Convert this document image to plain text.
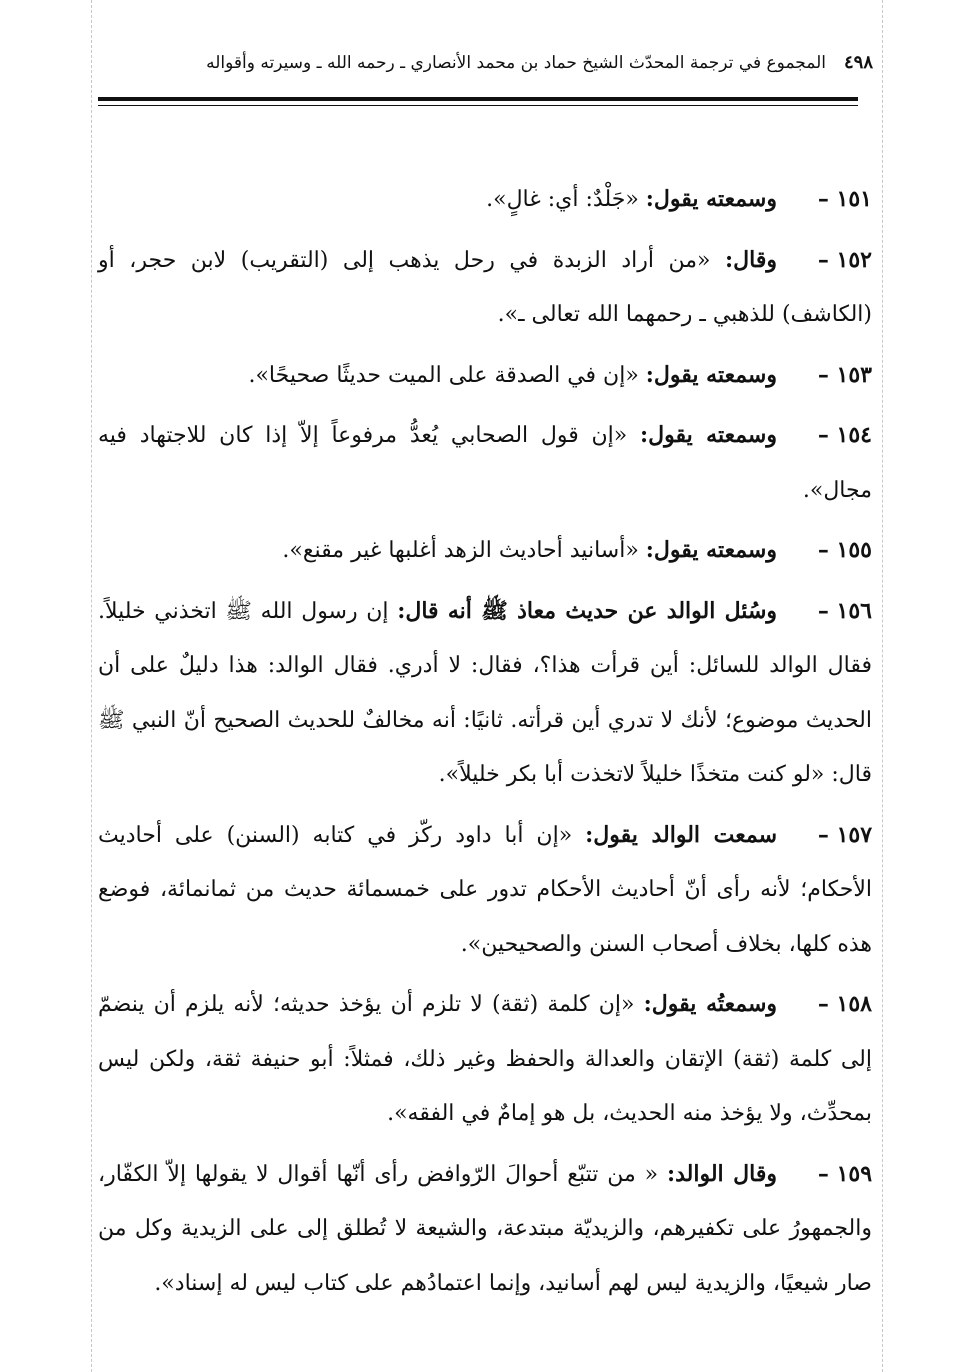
٤٩٨
المجموع في ترجمة المحدّث الشيخ حماد بن محمد الأنصاري ـ رحمه الله ـ وسيرته وأقواله

١٥١ –وسمعته يقول: «جَلْدٌ: أي: غالٍ».

١٥٢ –وقال: «من أراد الزبدة في رحل يذهب إلى (التقريب) لابن حجر، أو (الكاشف) للذهبي ـ رحمهما الله تعالى ـ».

١٥٣ –وسمعته يقول: «إن في الصدقة على الميت حديثًا صحيحًا».

١٥٤ –وسمعته يقول: «إن قول الصحابي يُعدُّ مرفوعاً إلاّ إذا كان للاجتهاد فيه مجال».

١٥٥ –وسمعته يقول: «أسانيد أحاديث الزهد أغلبها غير مقنع».

١٥٦ –وسُئل الوالد عن حديث معاذ ﷺ أنه قال: إن رسول الله ﷺ اتخذني خليلاً. فقال الوالد للسائل: أين قرأت هذا؟، فقال: لا أدري. فقال الوالد: هذا دليلٌ على أن الحديث موضوع؛ لأنك لا تدري أين قرأته. ثانيًا: أنه مخالفٌ للحديث الصحيح أنّ النبي ﷺ قال: «لو كنت متخذًا خليلاً لاتخذت أبا بكر خليلاً».

١٥٧ –سمعت الوالد يقول: «إن أبا داود ركّز في كتابه (السنن) على أحاديث الأحكام؛ لأنه رأى أنّ أحاديث الأحكام تدور على خمسمائة حديث من ثمانمائة، فوضع هذه كلها، بخلاف أصحاب السنن والصحيحين».

١٥٨ –وسمعتُه يقول: «إن كلمة (ثقة) لا تلزم أن يؤخذ حديثه؛ لأنه يلزم أن ينضمّ إلى كلمة (ثقة) الإتقان والعدالة والحفظ وغير ذلك، فمثلاً: أبو حنيفة ثقة، ولكن ليس بمحدِّث، ولا يؤخذ منه الحديث، بل هو إمامٌ في الفقه».

١٥٩ –وقال الوالد: « من تتبّع أحوالَ الرّوافض رأى أنّها أقوال لا يقولها إلاّ الكفّار، والجمهورُ على تكفيرهم، والزيديّة مبتدعة، والشيعة لا تُطلق إلى على الزيدية وكل من صار شيعيًا، والزيدية ليس لهم أسانيد، وإنما اعتمادُهم على كتاب ليس له إسناد».
